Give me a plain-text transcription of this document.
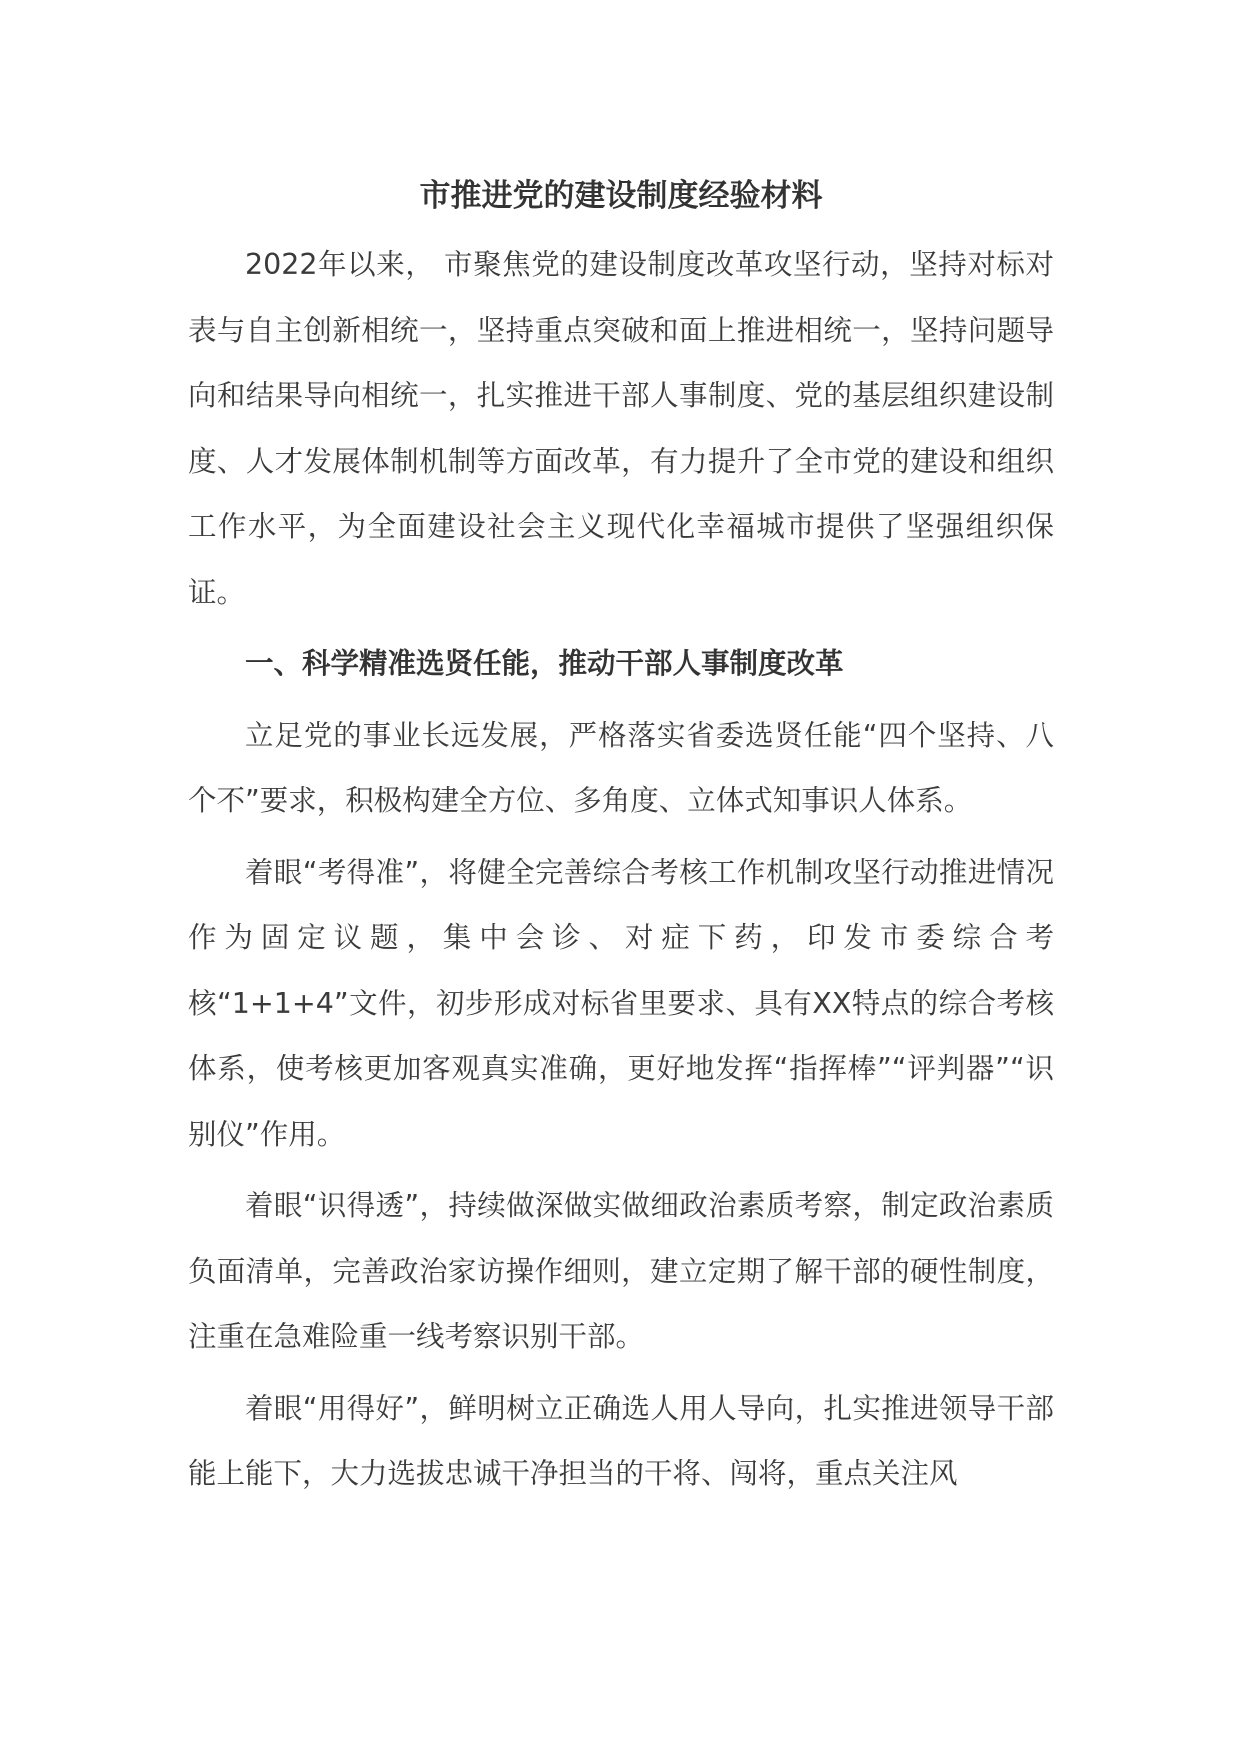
市推进党的建设制度经验材料

2022年以来， 市聚焦党的建设制度改革攻坚行动，坚持对标对表与自主创新相统一，坚持重点突破和面上推进相统一，坚持问题导向和结果导向相统一，扎实推进干部人事制度、党的基层组织建设制度、人才发展体制机制等方面改革，有力提升了全市党的建设和组织工作水平，为全面建设社会主义现代化幸福城市提供了坚强组织保证。

一、科学精准选贤任能，推动干部人事制度改革

立足党的事业长远发展，严格落实省委选贤任能“四个坚持、八个不”要求，积极构建全方位、多角度、立体式知事识人体系。

着眼“考得准”，将健全完善综合考核工作机制攻坚行动推进情况作为固定议题，集中会诊、对症下药，印发市委综合考核“1+1+4”文件，初步形成对标省里要求、具有XX特点的综合考核体系，使考核更加客观真实准确，更好地发挥“指挥棒”“评判器”“识别仪”作用。

着眼“识得透”，持续做深做实做细政治素质考察，制定政治素质负面清单，完善政治家访操作细则，建立定期了解干部的硬性制度，注重在急难险重一线考察识别干部。

着眼“用得好”，鲜明树立正确选人用人导向，扎实推进领导干部能上能下，大力选拔忠诚干净担当的干将、闯将，重点关注风
